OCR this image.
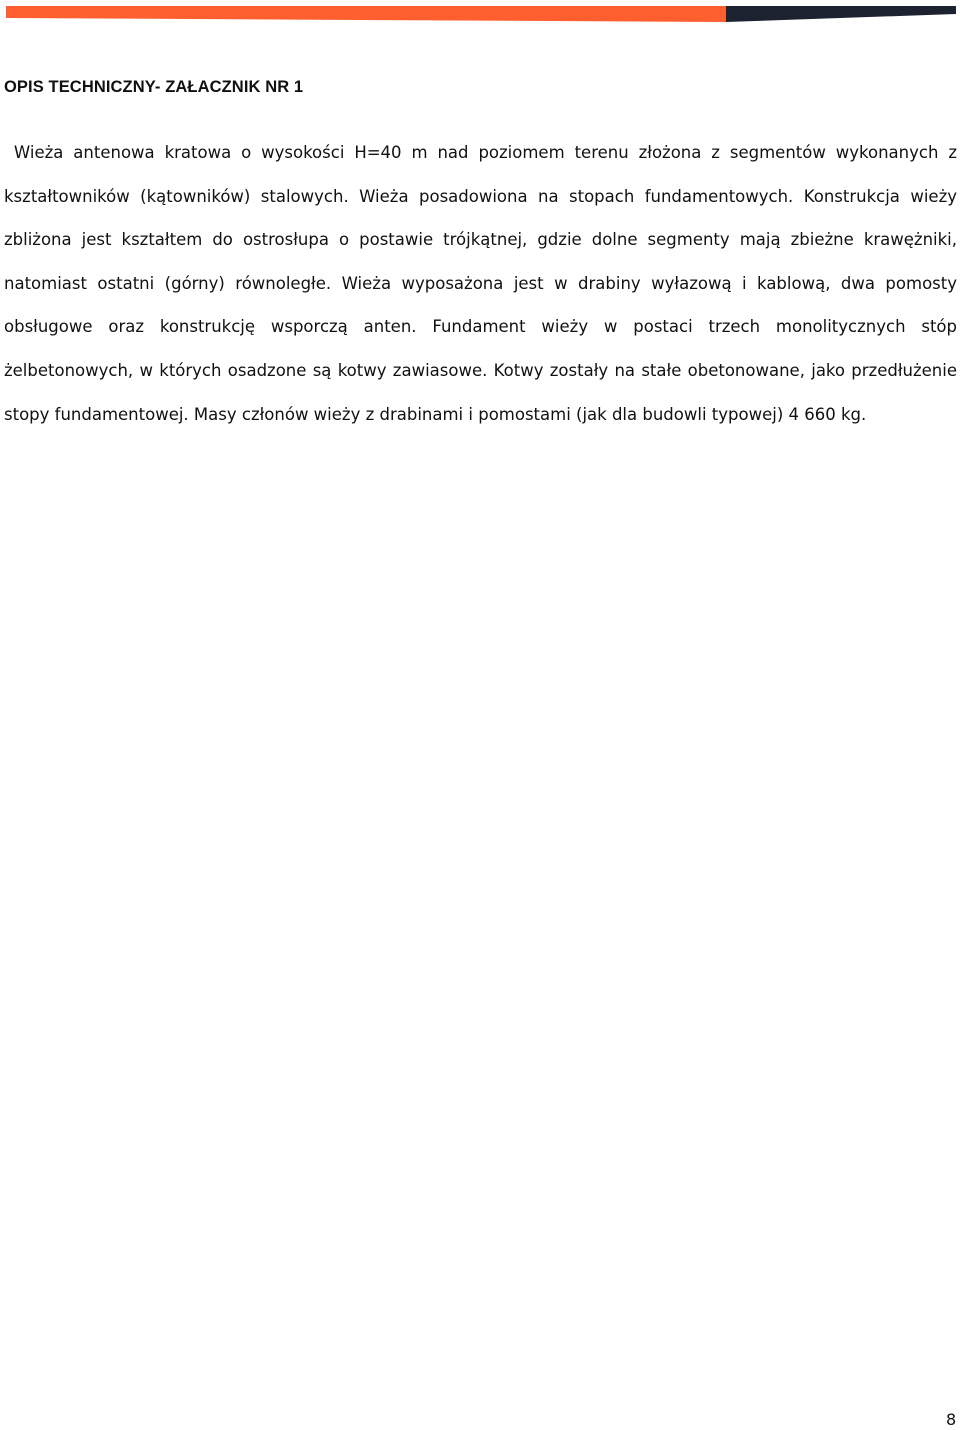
OPIS TECHNICZNY- ZAŁACZNIK NR 1

Wieża antenowa kratowa o wysokości H=40 m nad poziomem terenu złożona z segmentów wykonanych z kształtowników (kątowników) stalowych. Wieża posadowiona na stopach fundamentowych. Konstrukcja wieży zbliżona jest kształtem do ostrosłupa o postawie trójkątnej, gdzie dolne segmenty mają zbieżne krawężniki, natomiast ostatni (górny) równoległe. Wieża wyposażona jest w drabiny wyłazową i kablową, dwa pomosty obsługowe oraz konstrukcję wsporczą anten. Fundament wieży w postaci trzech monolitycznych stóp żelbetonowych, w których osadzone są kotwy zawiasowe. Kotwy zostały na stałe obetonowane, jako przedłużenie stopy fundamentowej. Masy członów wieży z drabinami i pomostami (jak dla budowli typowej) 4 660 kg.

8
